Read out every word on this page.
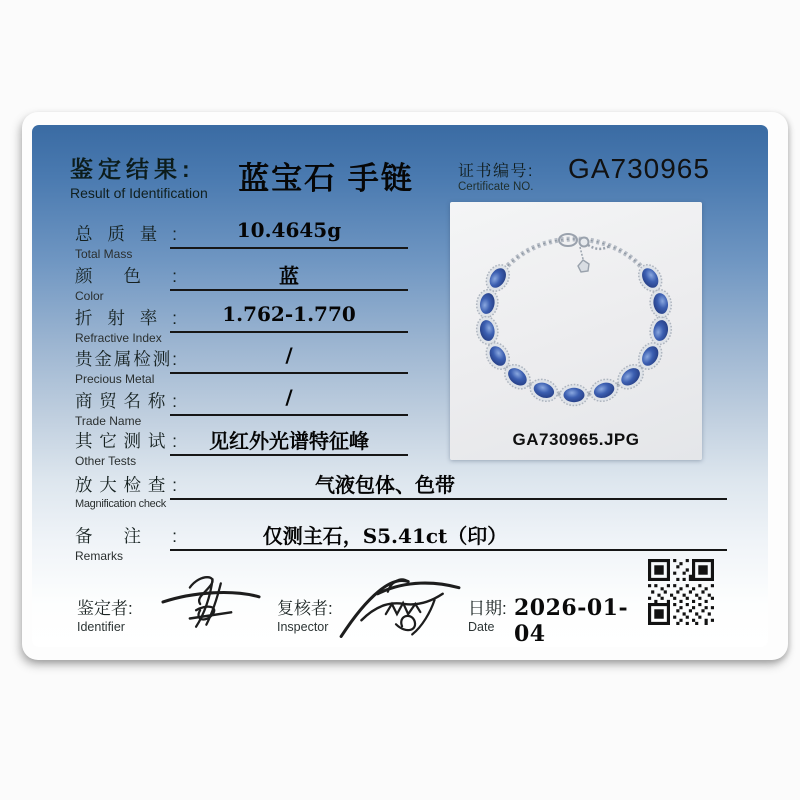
鉴定结果:
Result of Identification 蓝宝石 手链	证书编号:
Certificate NO.
GA730965
GA730965.JPG
总质量:
Total Mass
10.4645g
颜色:
Color
蓝
折射率:
Refractive Index
1.762-1.770
贵金属检测:
Precious Metal
/
商贸名称:
Trade Name
/
其它测试:
Other Tests
见红外光谱特征峰
放大检查:
Magnification check
气液包体、色带
备注:
Remarks
仅测主石，S5.41ct（印）
鉴定者:
Identifier
复核者:
Inspector
日期:
Date
2026-01-04
